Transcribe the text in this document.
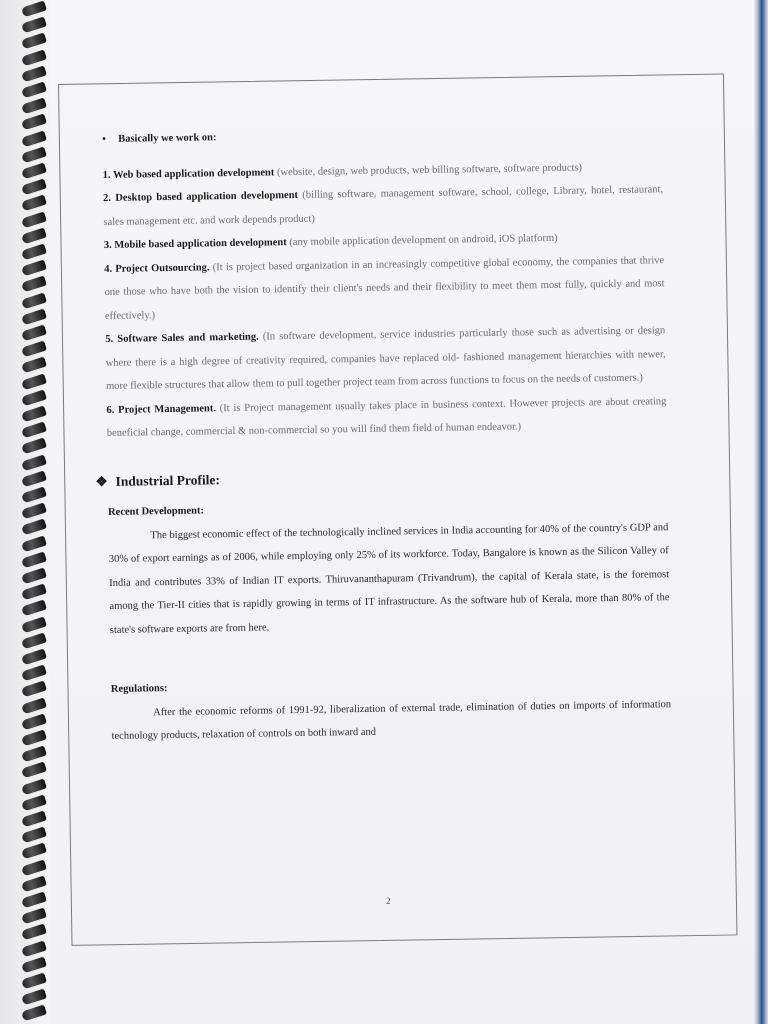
• Basically we work on:

1. Web based application development (website, design, web products, web billing software, software products)

2. Desktop based application development (billing software, management software, school, college, Library, hotel, restaurant, sales management etc. and work depends product)

3. Mobile based application development (any mobile application development on android, iOS platform)

4. Project Outsourcing. (It is project based organization in an increasingly competitive global economy, the companies that thrive one those who have both the vision to identify their client's needs and their flexibility to meet them most fully, quickly and most effectively.)

5. Software Sales and marketing. (In software development, service industries particularly those such as advertising or design where there is a high degree of creativity required, companies have replaced old- fashioned management hierarchies with newer, more flexible structures that allow them to pull together project team from across functions to focus on the needs of customers.)

6. Project Management. (It is Project management usually takes place in business context. However projects are about creating beneficial change, commercial & non-commercial so you will find them field of human endeavor.)

❖ Industrial Profile:

Recent Development:

The biggest economic effect of the technologically inclined services in India accounting for 40% of the country's GDP and 30% of export earnings as of 2006, while employing only 25% of its workforce. Today, Bangalore is known as the Silicon Valley of India and contributes 33% of Indian IT exports. Thiruvananthapuram (Trivandrum), the capital of Kerala state, is the foremost among the Tier-II cities that is rapidly growing in terms of IT infrastructure. As the software hub of Kerala, more than 80% of the state's software exports are from here.

Regulations:

After the economic reforms of 1991-92, liberalization of external trade, elimination of duties on imports of information technology products, relaxation of controls on both inward and

2
